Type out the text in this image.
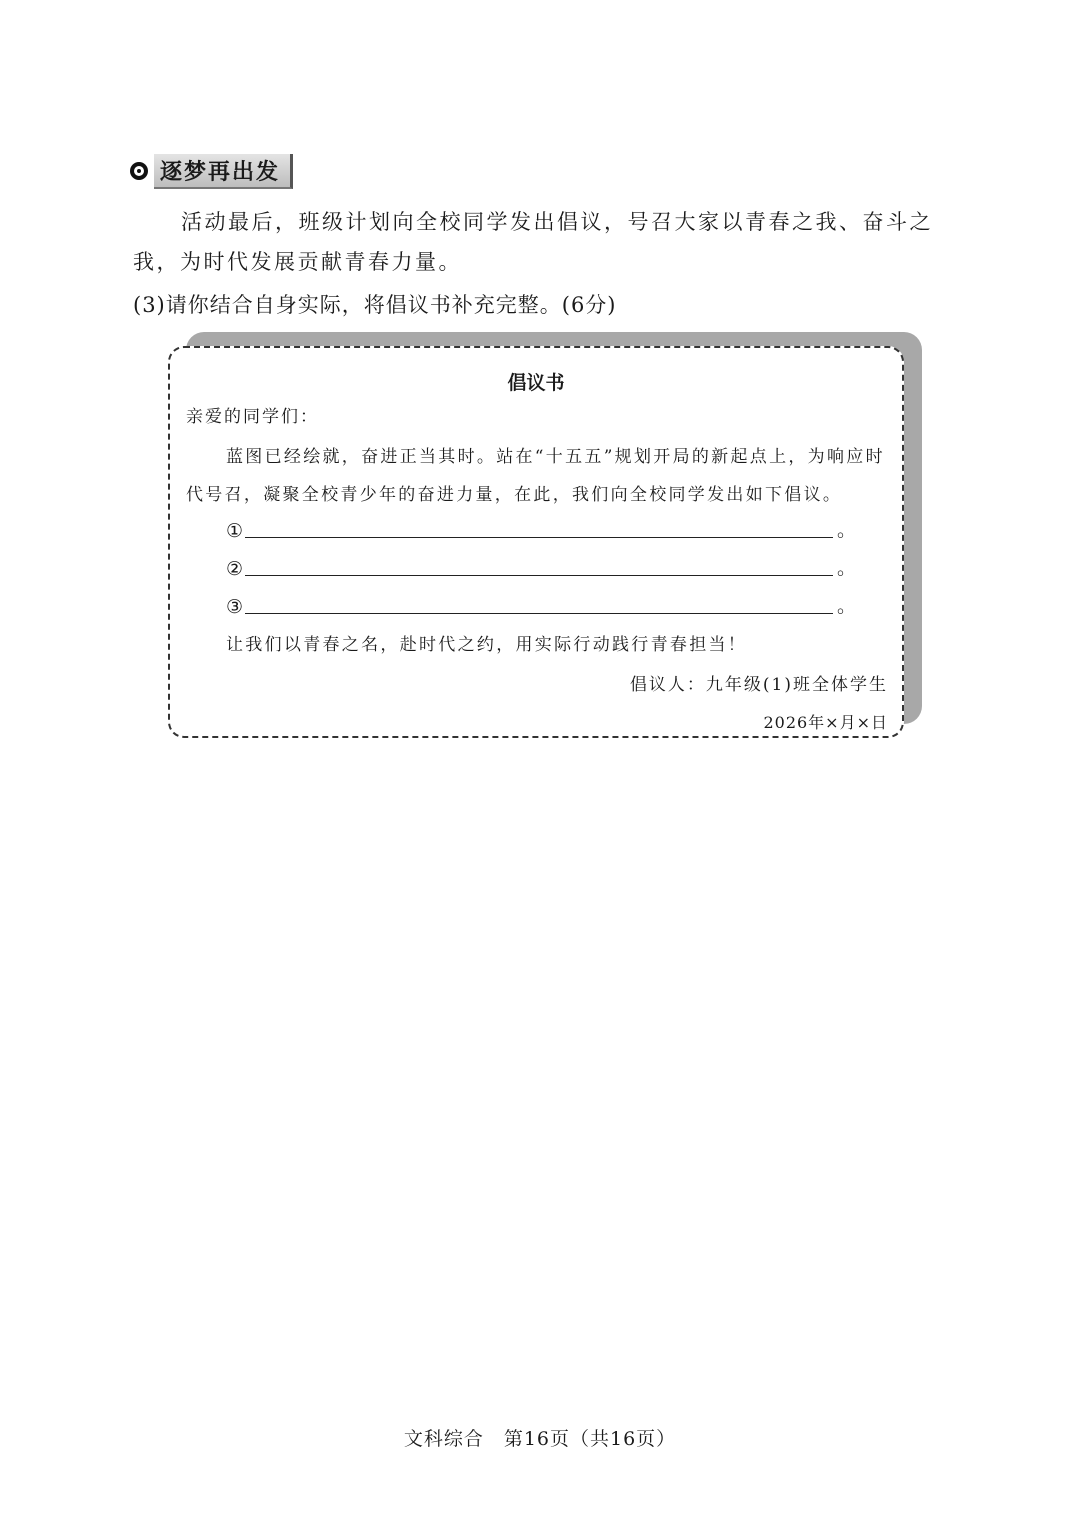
逐梦再出发

活动最后，班级计划向全校同学发出倡议，号召大家以青春之我、奋斗之我，为时代发展贡献青春力量。

(3)请你结合自身实际，将倡议书补充完整。(6分)

倡议书
亲爱的同学们：

蓝图已经绘就，奋进正当其时。站在“十五五”规划开局的新起点上，为响应时代号召，凝聚全校青少年的奋进力量，在此，我们向全校同学发出如下倡议。

①	。
②	。
③	。
让我们以青春之名，赴时代之约，用实际行动践行青春担当！
倡议人：九年级(1)班全体学生
2026年×月×日
文科综合　第16页（共16页）
